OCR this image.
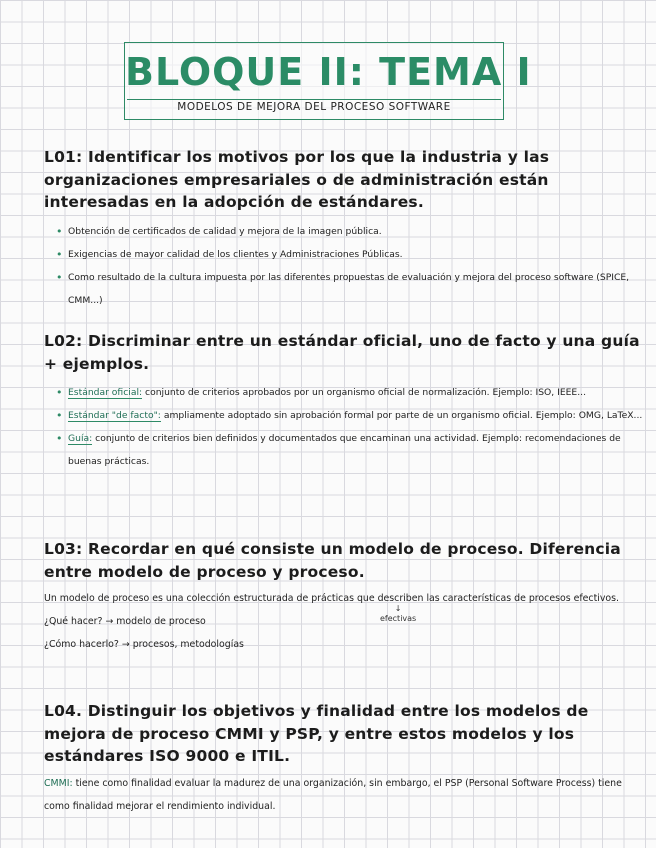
BLOQUE II: TEMA I
MODELOS DE MEJORA DEL PROCESO SOFTWARE

L01: Identificar los motivos por los que la industria y las organizaciones empresariales o de administración están interesadas en la adopción de estándares.

• Obtención de certificados de calidad y mejora de la imagen pública.
• Exigencias de mayor calidad de los clientes y Administraciones Públicas.
• Como resultado de la cultura impuesta por las diferentes propuestas de evaluación y mejora del proceso software (SPICE, CMM...)

L02: Discriminar entre un estándar oficial, uno de facto y una guía + ejemplos.

• Estándar oficial: conjunto de criterios aprobados por un organismo oficial de normalización. Ejemplo: ISO, IEEE...
• Estándar "de facto": ampliamente adoptado sin aprobación formal por parte de un organismo oficial. Ejemplo: OMG, LaTeX...
• Guía: conjunto de criterios bien definidos y documentados que encaminan una actividad. Ejemplo: recomendaciones de buenas prácticas.

L03: Recordar en qué consiste un modelo de proceso. Diferencia entre modelo de proceso y proceso.

Un modelo de proceso es una colección estructurada de prácticas que describen las características de procesos efectivos.

¿Qué hacer? → modelo de proceso

¿Cómo hacerlo? → procesos, metodologías

↓
efectivas

L04. Distinguir los objetivos y finalidad entre los modelos de mejora de proceso CMMI y PSP, y entre estos modelos y los estándares ISO 9000 e ITIL.

CMMI: tiene como finalidad evaluar la madurez de una organización, sin embargo, el PSP (Personal Software Process) tiene como finalidad mejorar el rendimiento individual.
